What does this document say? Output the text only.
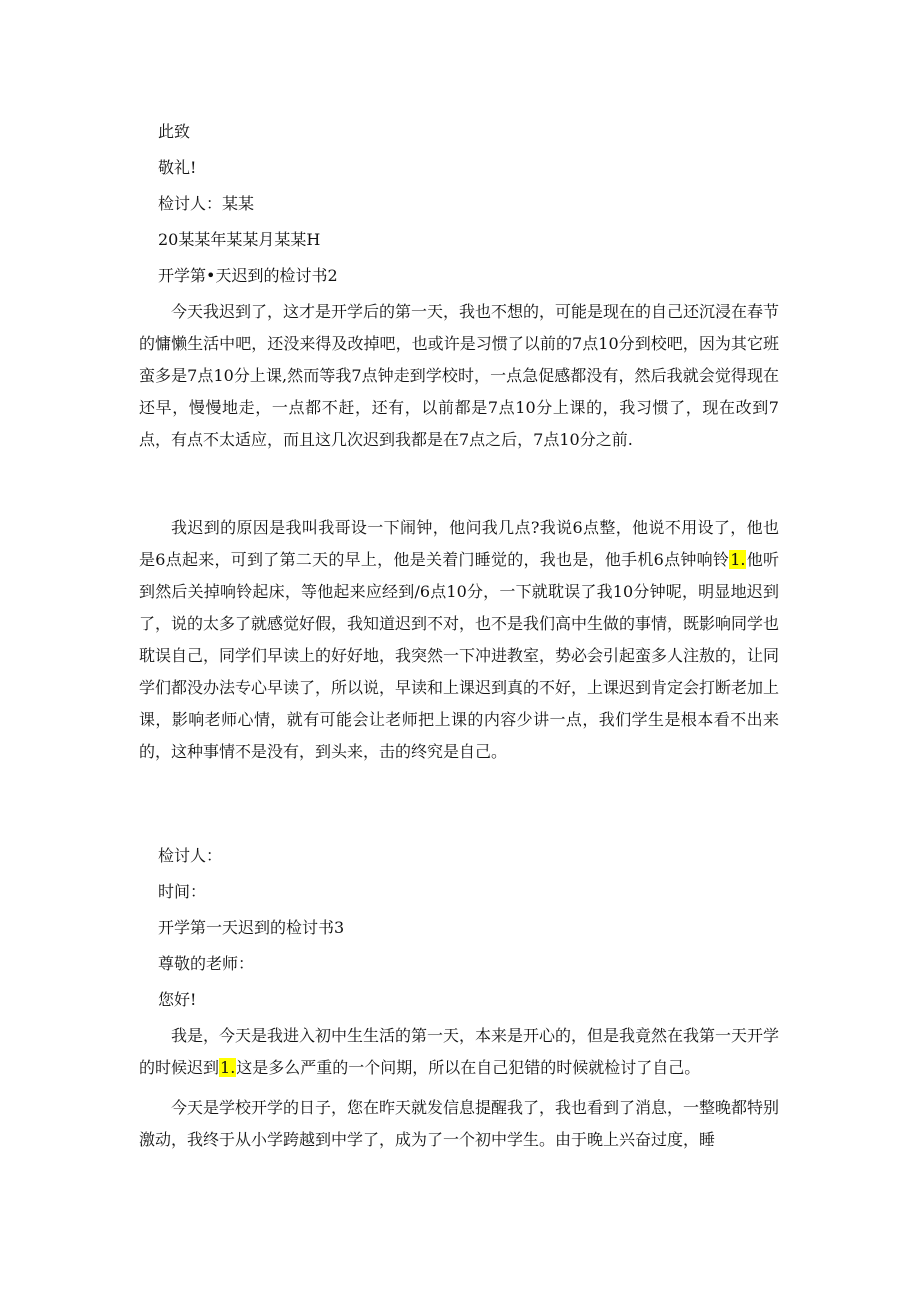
此致
敬礼!
检讨人：某某
20某某年某某月某某H
开学第•天迟到的检讨书2

今天我迟到了，这才是开学后的第一天，我也不想的，可能是现在的自己还沉浸在春节的慵懒生活中吧，还没来得及改掉吧，也或许是习惯了以前的7点10分到校吧，因为其它班蛮多是7点10分上课,然而等我7点钟走到学校时，一点急促感都没有，然后我就会觉得现在还早，慢慢地走，一点都不赶，还有，以前都是7点10分上课的，我习惯了，现在改到7点，有点不太适应，而且这几次迟到我都是在7点之后，7点10分之前.

我迟到的原因是我叫我哥设一下闹钟，他问我几点?我说6点整，他说不用设了，他也是6点起来，可到了第二天的早上，他是关着门睡觉的，我也是，他手机6点钟响铃1.他听到然后关掉响铃起床，等他起来应经到/6点10分，一下就耽误了我10分钟呢，明显地迟到了，说的太多了就感觉好假，我知道迟到不对，也不是我们高中生做的事情，既影响同学也耽误自己，同学们早读上的好好地，我突然一下冲进教室，势必会引起蛮多人注敖的，让同学们都没办法专心早读了，所以说，早读和上课迟到真的不好，上课迟到肯定会打断老加上课，影响老师心情，就有可能会让老师把上课的内容少讲一点，我们学生是根本看不出来的，这种事情不是没有，到头来，击的终究是自己。

检讨人：
时间：
开学第一天迟到的检讨书3
尊敬的老师：
您好!

我是，今天是我进入初中生生活的第一天，本来是开心的，但是我竟然在我第一天开学的时候迟到1.这是多么严重的一个问期，所以在自己犯错的时候就检讨了自己。

今天是学校开学的日子，您在昨天就发信息提醒我了，我也看到了消息，一整晚都特别激动，我终于从小学跨越到中学了，成为了一个初中学生。由于晚上兴奋过度，睡
